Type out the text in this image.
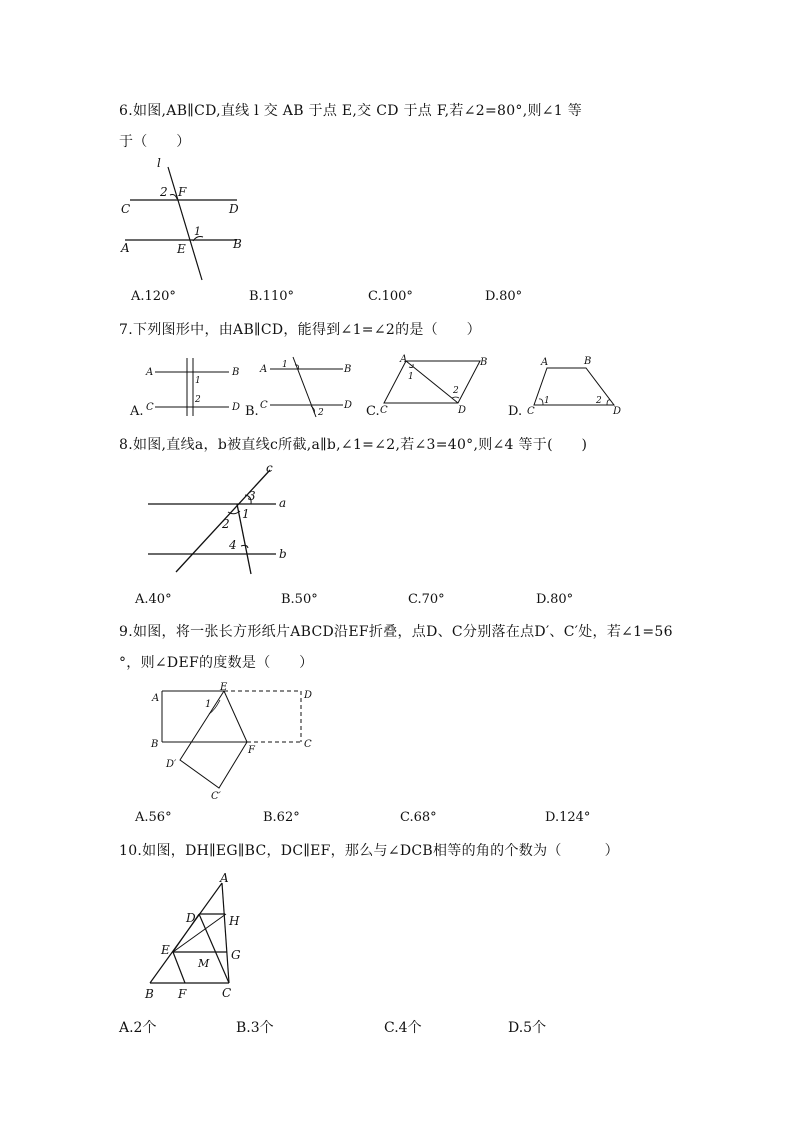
6.如图,AB∥CD,直线 l 交 AB 于点 E,交 CD 于点 F,若∠2=80°,则∠1 等
于（　　）
l
2 F
C	D
1
A	E	B
A.120°	B.110°	C.100°	D.80°
7.下列图形中，由AB∥CD，能得到∠1=∠2的是（　　）
A.
A	B
C	D
1
2
B.
A	B
C	D
1
2	C.
A	B
C	D
1
2
D.
A	B
C	D
1	2
8.如图,直线a，b被直线c所截,a∥b,∠1=∠2,若∠3=40°,则∠4 等于(　　)
c
a
b
3
1
2
4
A.40°	B.50°	C.70°	D.80°
9.如图，将一张长方形纸片ABCD沿EF折叠，点D、C分别落在点D′、C′处，若∠1=56
°，则∠DEF的度数是（　　）
A
E
D
1
B
F
C
D′
C′
A.56°	B.62°	C.68°	D.124°
10.如图，DH∥EG∥BC，DC∥EF，那么与∠DCB相等的角的个数为（　　　）
A
D	H
E	G
M
B F	C
A.2个	B.3个	C.4个	D.5个
